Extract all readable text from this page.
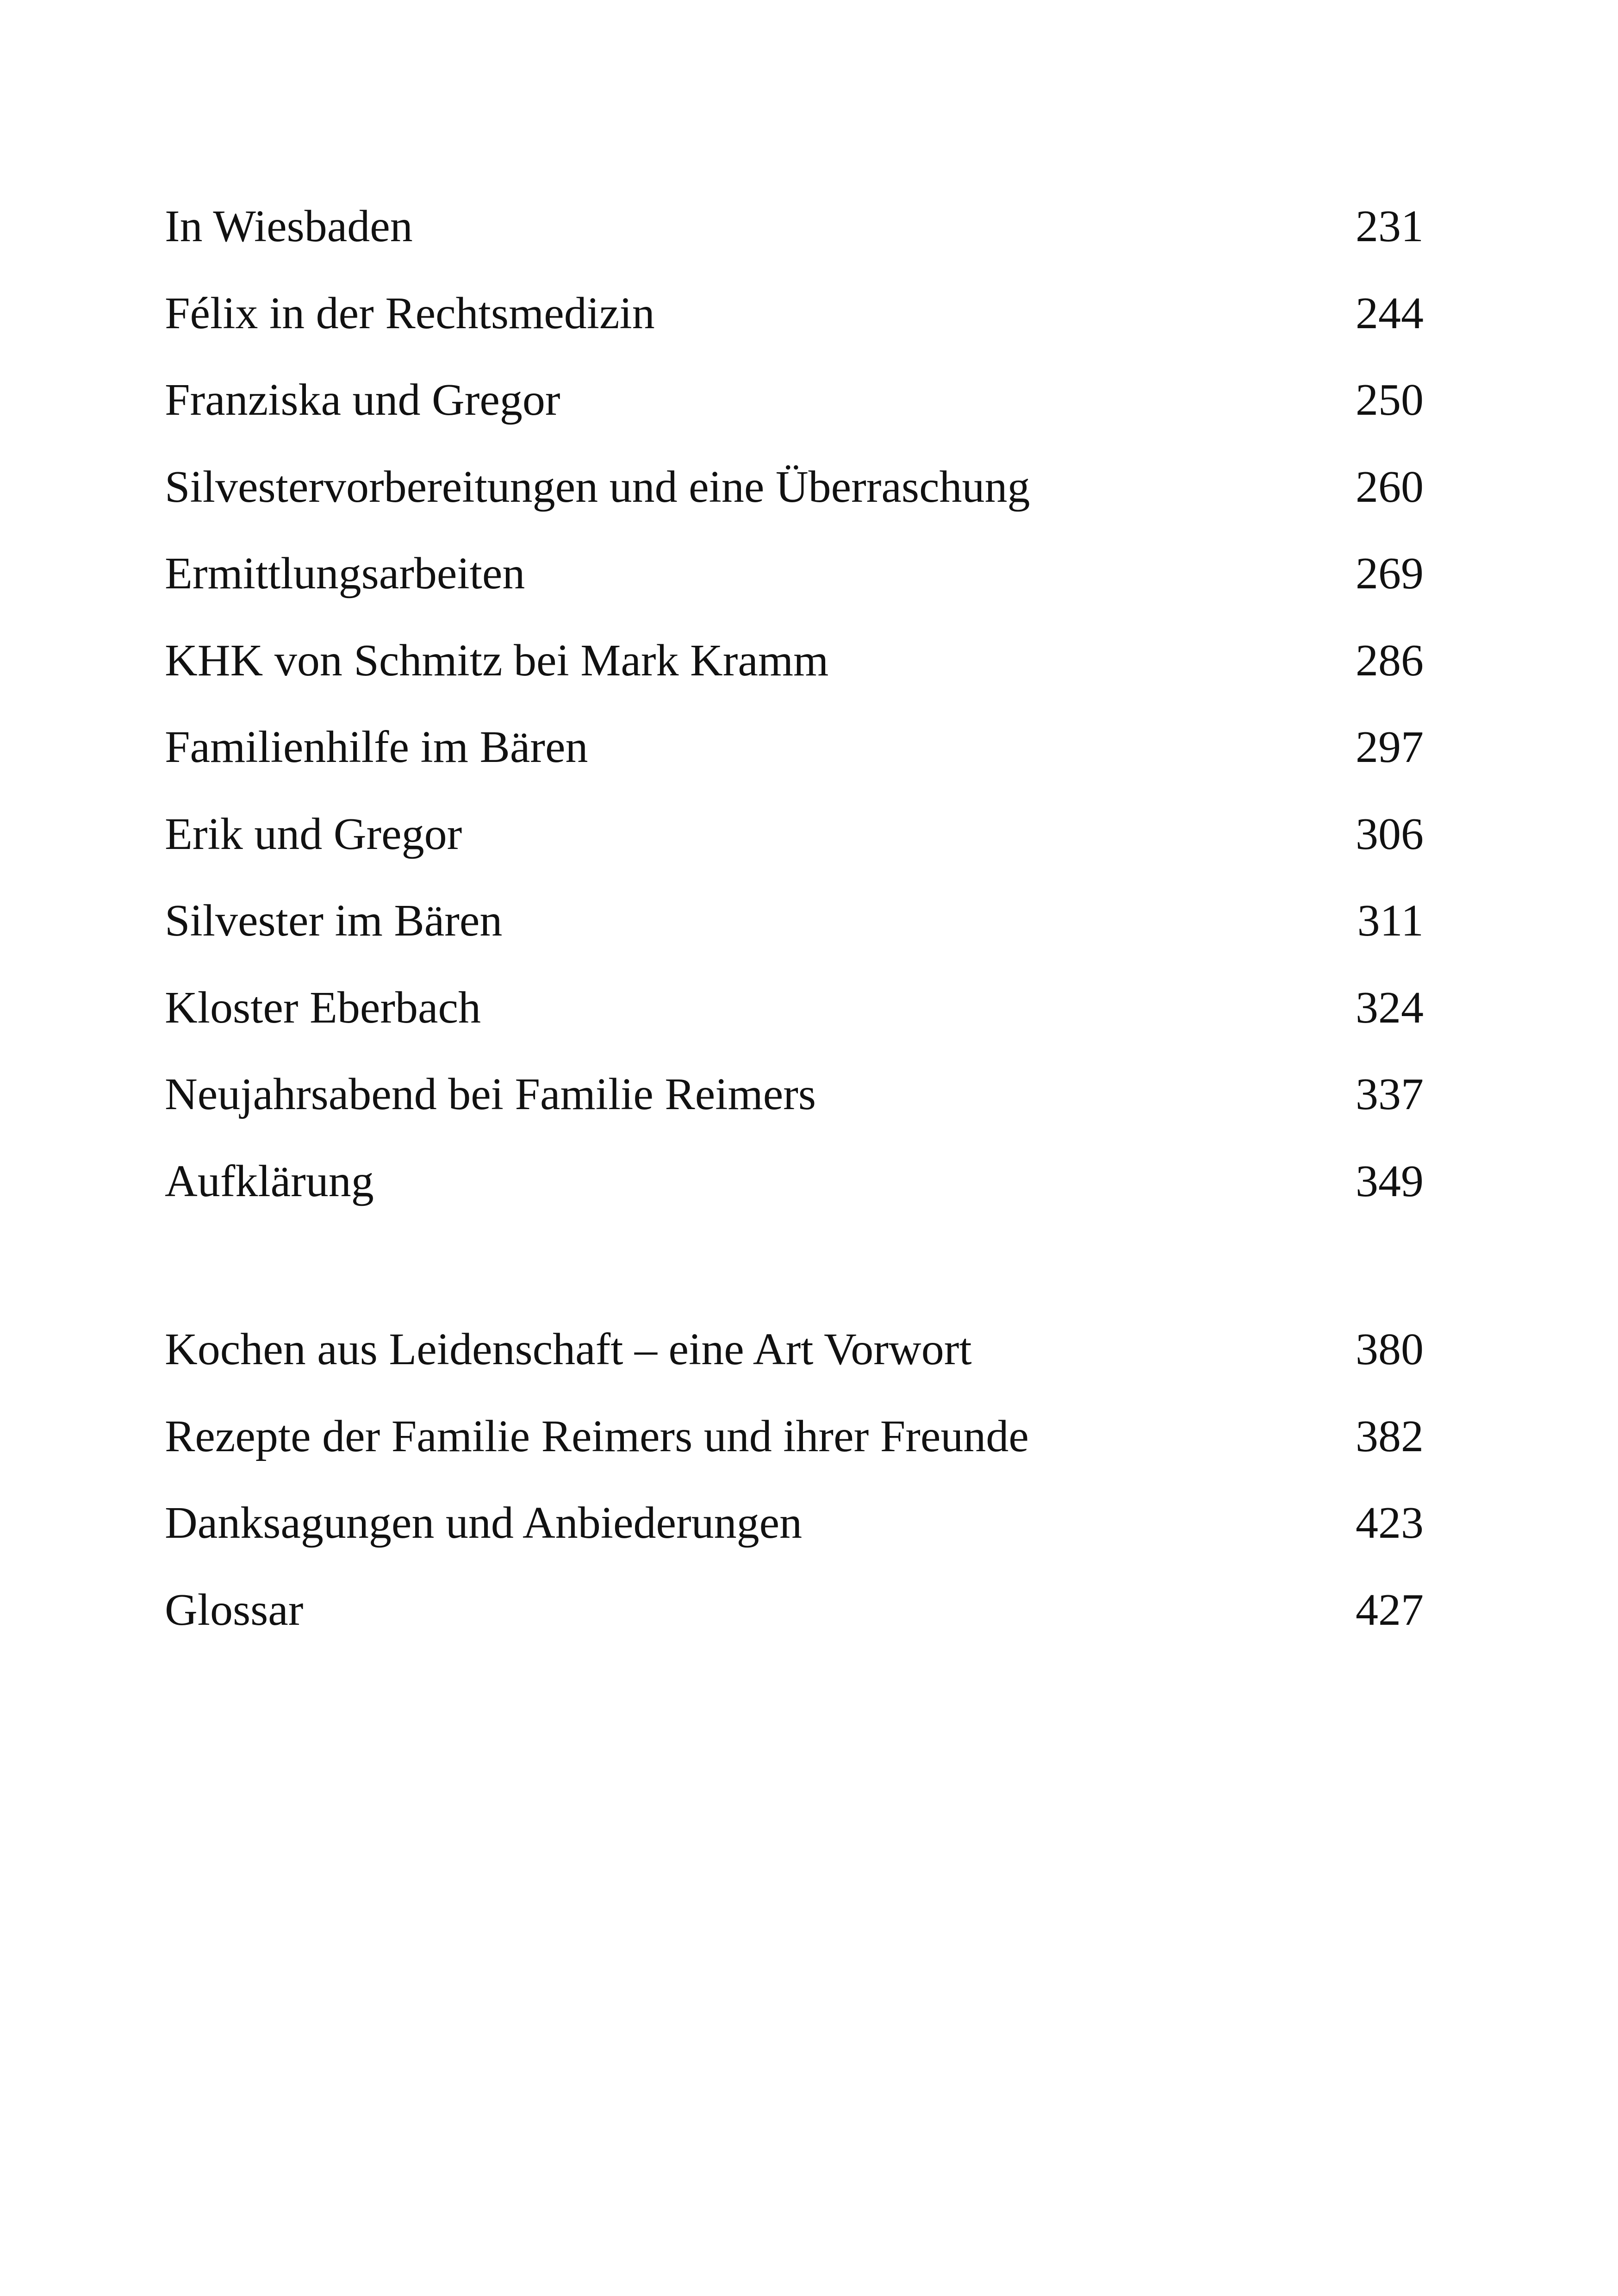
In Wiesbaden	231
Félix in der Rechtsmedizin	244
Franziska und Gregor	250
Silvestervorbereitungen und eine Überraschung	260
Ermittlungsarbeiten	269
KHK von Schmitz bei Mark Kramm	286
Familienhilfe im Bären	297
Erik und Gregor	306
Silvester im Bären	311
Kloster Eberbach	324
Neujahrsabend bei Familie Reimers	337
Aufklärung	349
Kochen aus Leidenschaft – eine Art Vorwort	380
Rezepte der Familie Reimers und ihrer Freunde	382
Danksagungen und Anbiederungen	423
Glossar	427
